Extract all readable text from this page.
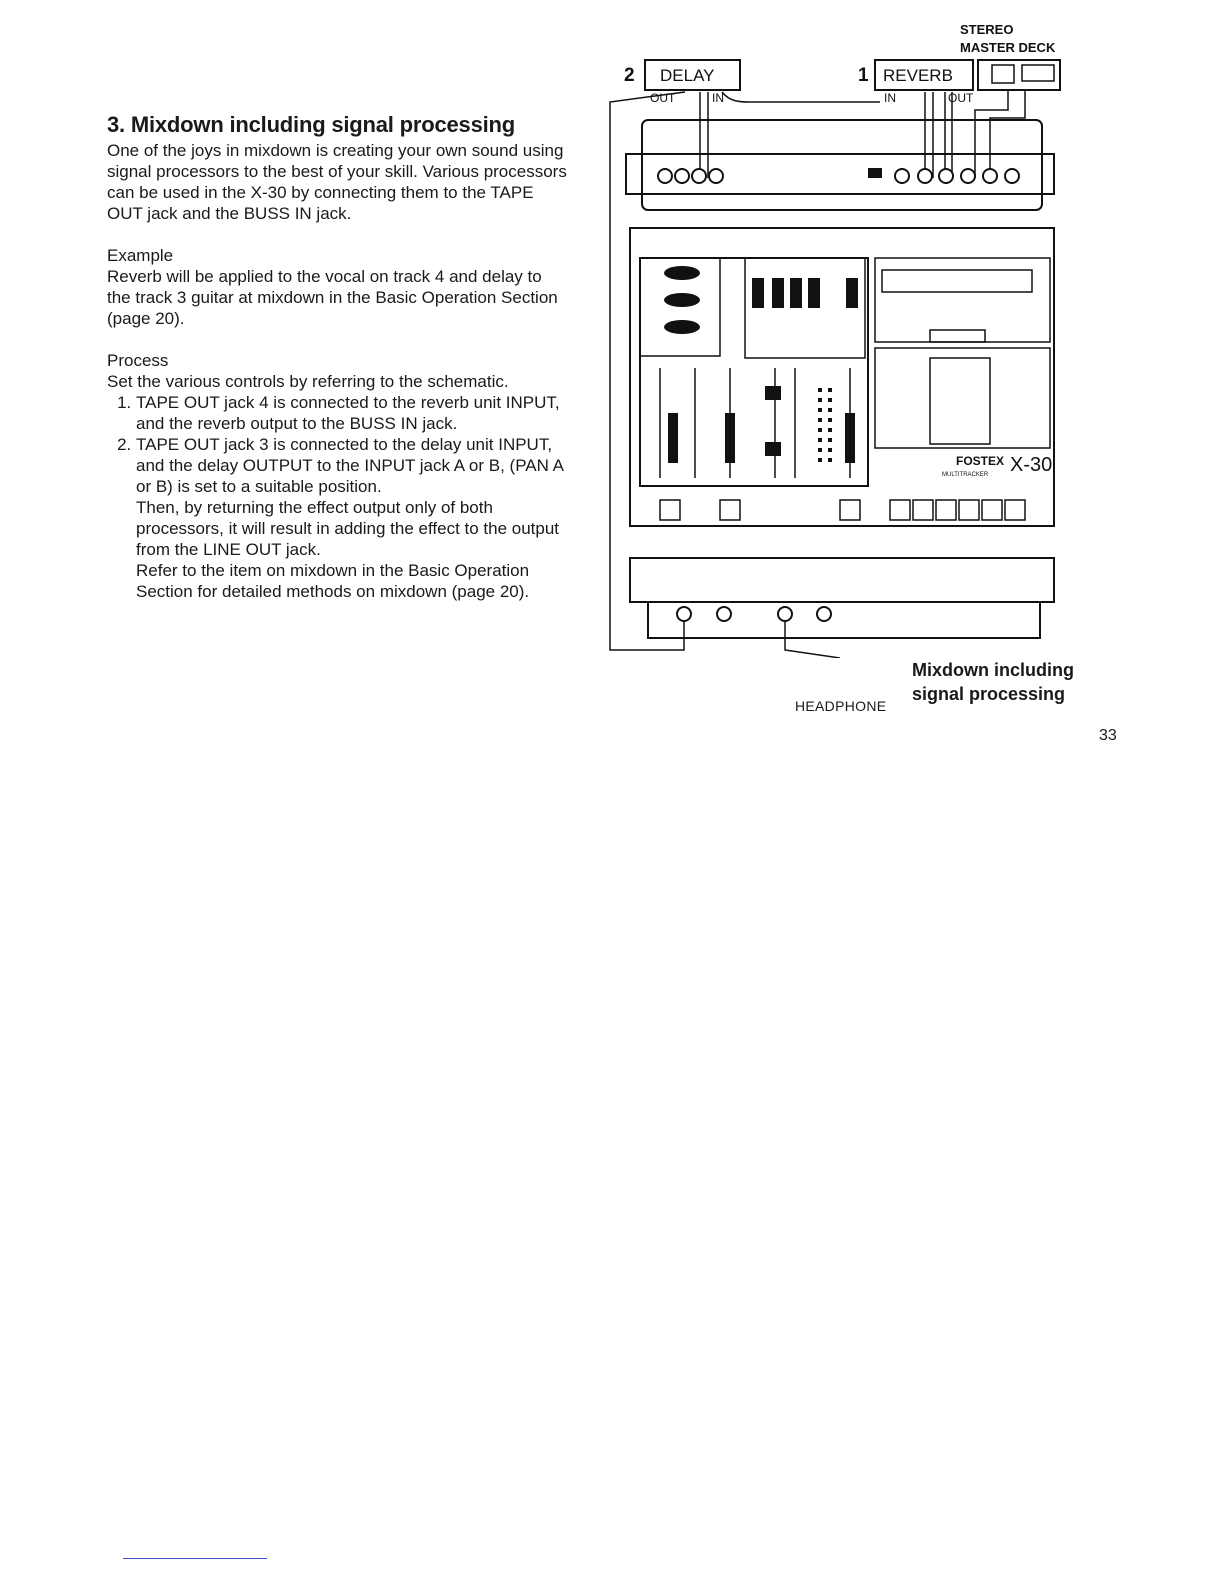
3. Mixdown including signal processing

One of the joys in mixdown is creating your own sound using signal processors to the best of your skill. Various processors can be used in the X-30 by connecting them to the TAPE OUT jack and the BUSS IN jack.

Example

Reverb will be applied to the vocal on track 4 and delay to the track 3 guitar at mixdown in the Basic Operation Section (page 20).

Process

Set the various controls by referring to the schematic.

1. TAPE OUT jack 4 is connected to the reverb unit INPUT, and the reverb output to the BUSS IN jack.
2. TAPE OUT jack 3 is connected to the delay unit INPUT, and the delay OUTPUT to the INPUT jack A or B, (PAN A or B) is set to a suitable position.
Then, by returning the effect output only of both processors, it will result in adding the effect to the output from the LINE OUT jack.
Refer to the item on mixdown in the Basic Operation Section for detailed methods on mixdown (page 20).
STEREO
MASTER DECK
2 DELAY
OUT	IN
1 REVERB
IN	OUT
FOSTEX X-30
MULTITRACKER
HEADPHONE
Mixdown including
signal processing
33
